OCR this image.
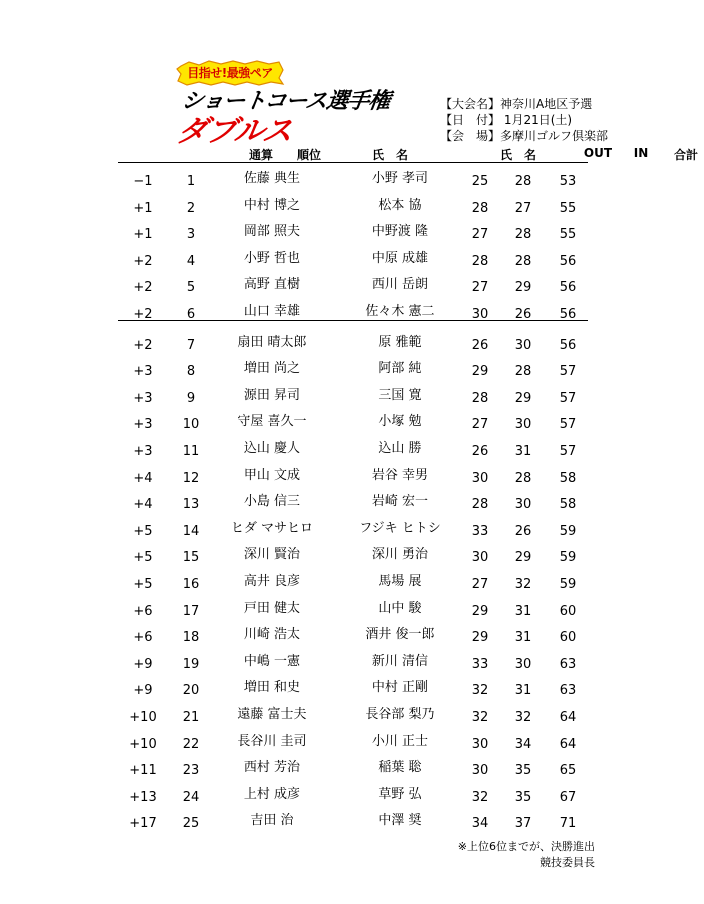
目指せ!最強ペア
ショートコース選手権
ダブルス
【大会名】神奈川A地区予選
【日　付】 1月21日(土)
【会　場】多摩川ゴルフ倶楽部
通算	順位	氏　名	氏　名	OUT	IN	合計
−1	1	佐藤 典生	小野 孝司	25	28	53
+1	2	中村 博之	松本 協	28	27	55
+1	3	岡部 照夫	中野渡 隆	27	28	55
+2	4	小野 哲也	中原 成雄	28	28	56
+2	5	高野 直樹	西川 岳朗	27	29	56
+2	6	山口 幸雄	佐々木 憲二	30	26	56
+2	7	扇田 晴太郎	原 雅範	26	30	56
+3	8	増田 尚之	阿部 純	29	28	57
+3	9	源田 昇司	三国 寛	28	29	57
+3	10	守屋 喜久一	小塚 勉	27	30	57
+3	11	込山 慶人	込山 勝	26	31	57
+4	12	甲山 文成	岩谷 幸男	30	28	58
+4	13	小島 信三	岩崎 宏一	28	30	58
+5	14	ヒダ マサヒロ	フジキ ヒトシ	33	26	59
+5	15	深川 賢治	深川 勇治	30	29	59
+5	16	高井 良彦	馬場 展	27	32	59
+6	17	戸田 健太	山中 駿	29	31	60
+6	18	川崎 浩太	酒井 俊一郎	29	31	60
+9	19	中嶋 一憲	新川 清信	33	30	63
+9	20	増田 和史	中村 正剛	32	31	63
+10	21	遠藤 富士夫	長谷部 梨乃	32	32	64
+10	22	長谷川 圭司	小川 正士	30	34	64
+11	23	西村 芳治	稲葉 聡	30	35	65
+13	24	上村 成彦	草野 弘	32	35	67
+17	25	吉田 治	中澤 奨	34	37	71
※上位6位までが、決勝進出
競技委員長
